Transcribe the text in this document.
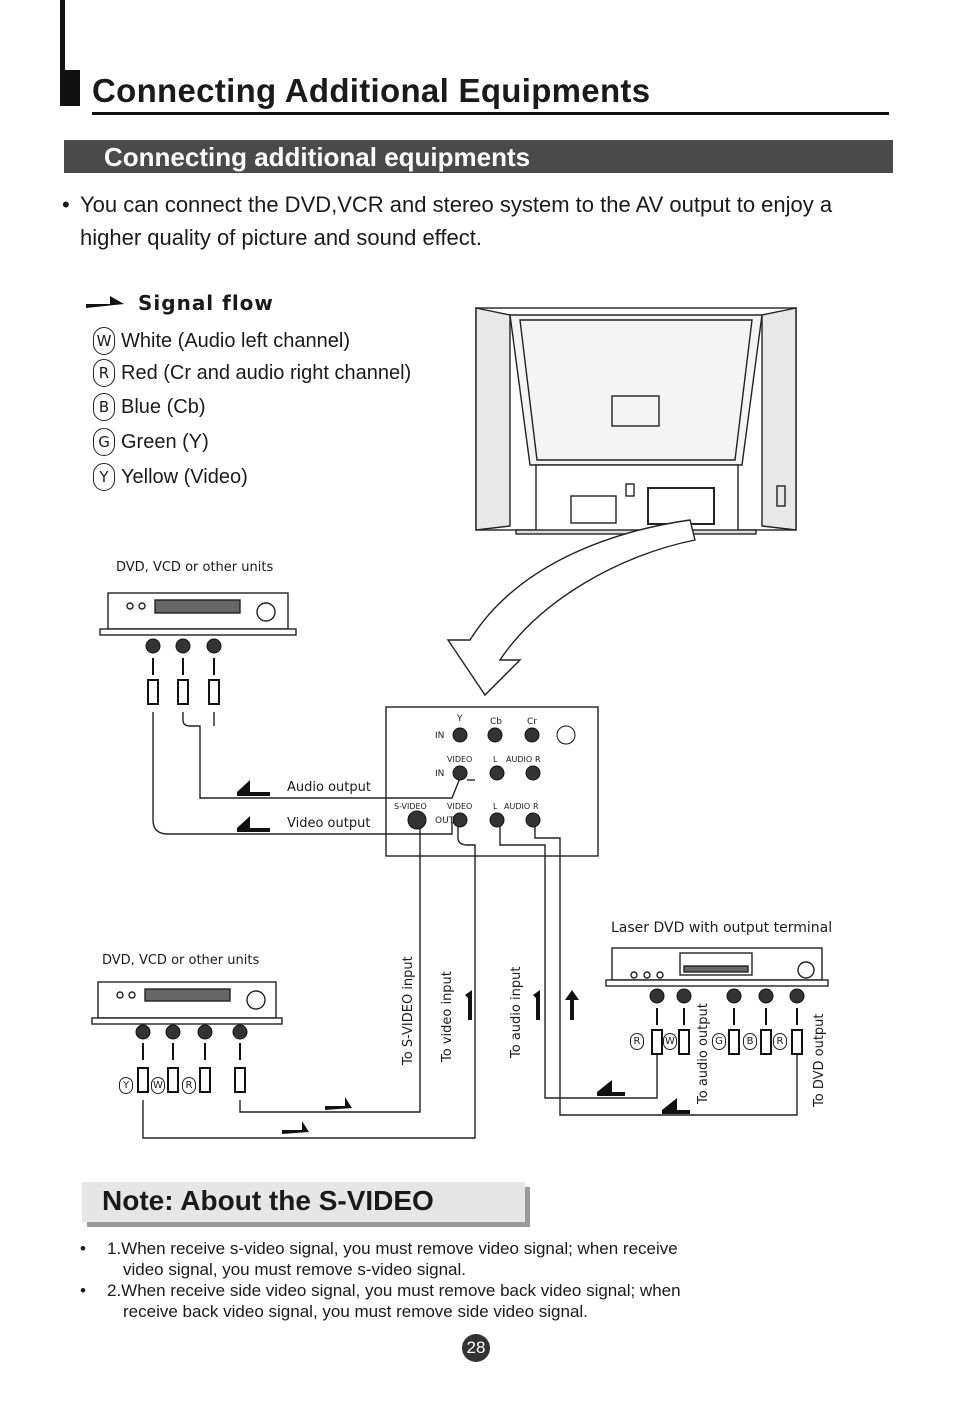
Connecting Additional Equipments
Connecting additional equipments

• You can connect the DVD,VCR and stereo system to the AV output to enjoy a

higher quality of picture and sound effect.

Signal flow
W White (Audio left channel)
R Red (Cr and audio right channel)
B Blue (Cb)
G Green (Y)
Y Yellow (Video)
DVD, VCD or other units
DVD, VCD or other units
Laser DVD with output terminal
Audio output
Video output
Y	Cb	Cr
IN
VIDEO
IN
L AUDIO R
S-VIDEO	VIDEO
OUT
L AUDIO R
To S-VIDEO input To video input	To audio input	To audio output	To DVD output
Y	W	R
R	W	G	B	R
Note: About the S-VIDEO
• 1.When receive s-video signal, you must remove video signal; when receive
video signal, you must remove s-video signal.
• 2.When receive side video signal, you must remove back video signal; when
receive back video signal, you must remove side video signal.
28
